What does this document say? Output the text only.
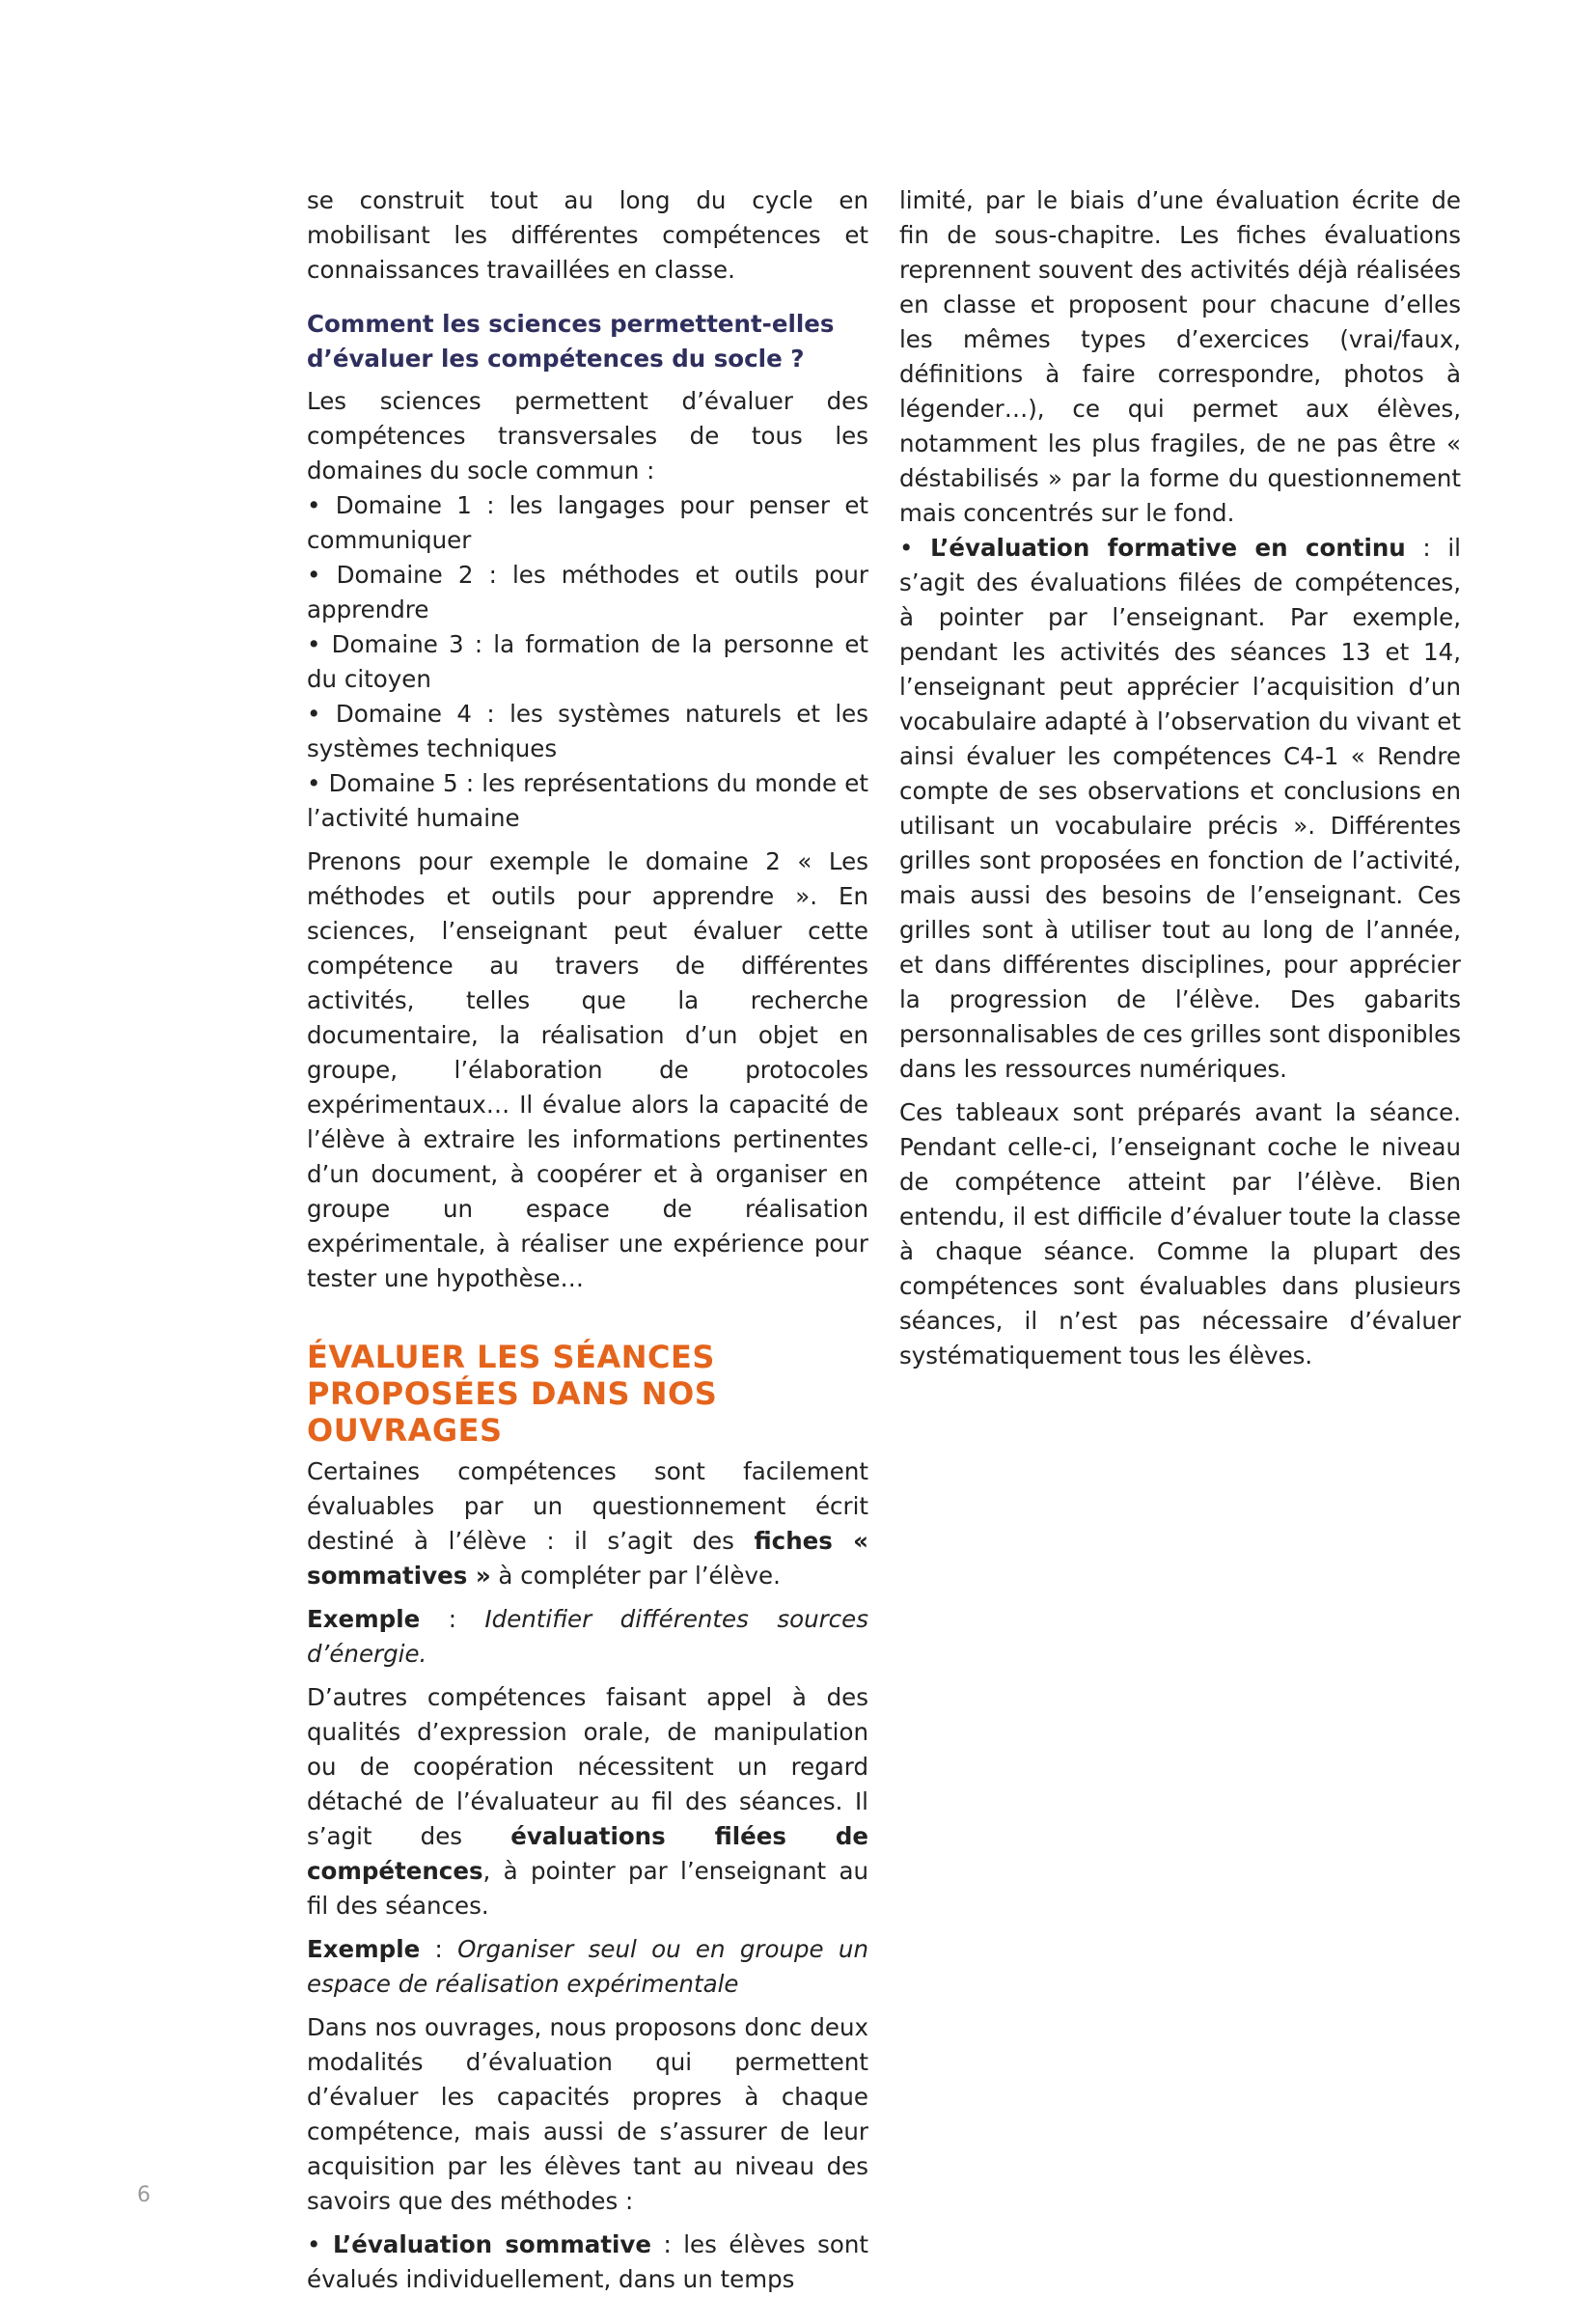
se construit tout au long du cycle en mobilisant les différentes compétences et connaissances travaillées en classe.

Comment les sciences permettent-elles d’évaluer les compétences du socle ?

Les sciences permettent d’évaluer des compétences transversales de tous les domaines du socle commun :

• Domaine 1 : les langages pour penser et communiquer

• Domaine 2 : les méthodes et outils pour apprendre

• Domaine 3 : la formation de la personne et du citoyen

• Domaine 4 : les systèmes naturels et les systèmes techniques

• Domaine 5 : les représentations du monde et l’activité humaine

Prenons pour exemple le domaine 2 « Les méthodes et outils pour apprendre ». En sciences, l’enseignant peut évaluer cette compétence au travers de différentes activités, telles que la recherche documentaire, la réalisation d’un objet en groupe, l’élaboration de protocoles expérimentaux… Il évalue alors la capacité de l’élève à extraire les informations pertinentes d’un document, à coopérer et à organiser en groupe un espace de réalisation expérimentale, à réaliser une expérience pour tester une hypothèse…

ÉVALUER LES SÉANCES
PROPOSÉES DANS NOS OUVRAGES

Certaines compétences sont facilement évaluables par un questionnement écrit destiné à l’élève : il s’agit des fiches « sommatives » à compléter par l’élève.

Exemple : Identifier différentes sources d’énergie.

D’autres compétences faisant appel à des qualités d’expression orale, de manipulation ou de coopération nécessitent un regard détaché de l’évaluateur au fil des séances. Il s’agit des évaluations filées de compétences, à pointer par l’enseignant au fil des séances.

Exemple : Organiser seul ou en groupe un espace de réalisation expérimentale

Dans nos ouvrages, nous proposons donc deux modalités d’évaluation qui permettent d’évaluer les capacités propres à chaque compétence, mais aussi de s’assurer de leur acquisition par les élèves tant au niveau des savoirs que des méthodes :

• L’évaluation sommative : les élèves sont évalués individuellement, dans un temps

limité, par le biais d’une évaluation écrite de fin de sous-chapitre. Les fiches évaluations reprennent souvent des activités déjà réalisées en classe et proposent pour chacune d’elles les mêmes types d’exercices (vrai/faux, définitions à faire correspondre, photos à légender…), ce qui permet aux élèves, notamment les plus fragiles, de ne pas être « déstabilisés » par la forme du questionnement mais concentrés sur le fond.

• L’évaluation formative en continu : il s’agit des évaluations filées de compétences, à pointer par l’enseignant. Par exemple, pendant les activités des séances 13 et 14, l’enseignant peut apprécier l’acquisition d’un vocabulaire adapté à l’observation du vivant et ainsi évaluer les compétences C4-1 « Rendre compte de ses observations et conclusions en utilisant un vocabulaire précis ». Différentes grilles sont proposées en fonction de l’activité, mais aussi des besoins de l’enseignant. Ces grilles sont à utiliser tout au long de l’année, et dans différentes disciplines, pour apprécier la progression de l’élève. Des gabarits personnalisables de ces grilles sont disponibles dans les ressources numériques.

Ces tableaux sont préparés avant la séance. Pendant celle-ci, l’enseignant coche le niveau de compétence atteint par l’élève. Bien entendu, il est difficile d’évaluer toute la classe à chaque séance. Comme la plupart des compétences sont évaluables dans plusieurs séances, il n’est pas nécessaire d’évaluer systématiquement tous les élèves.

6
